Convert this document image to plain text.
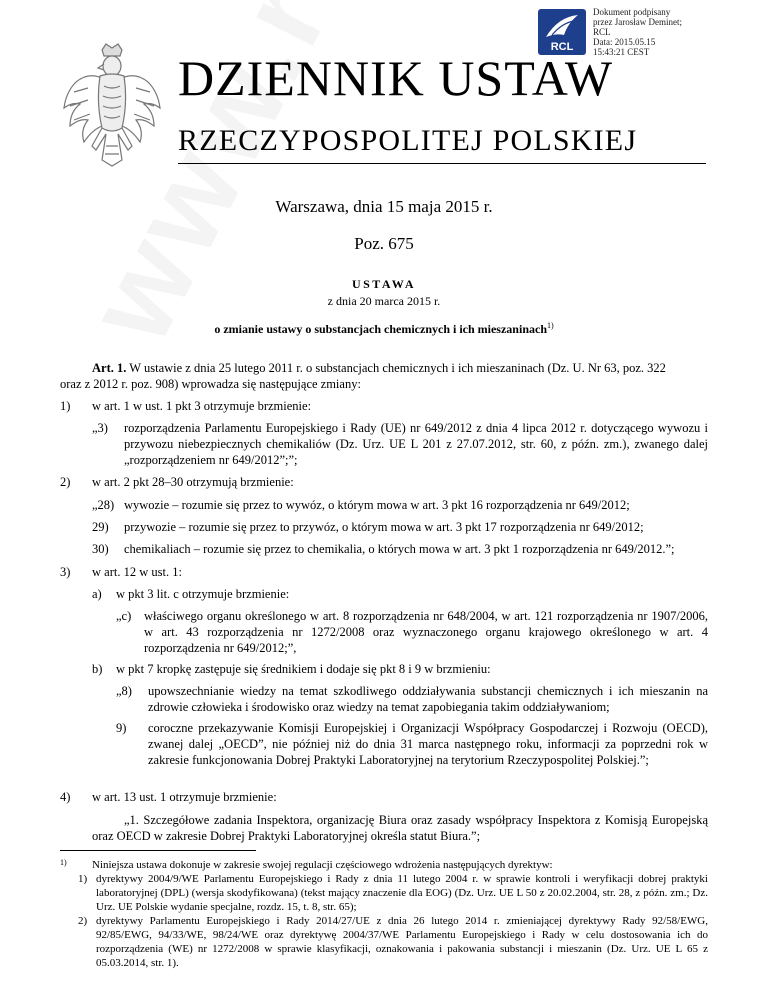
RCL
Dokument podpisany
przez Jarosław Deminet;
RCL
Data: 2015.05.15
15:43:21 CEST
DZIENNIK USTAW
RZECZYPOSPOLITEJ POLSKIEJ
Warszawa, dnia 15 maja 2015 r.
Poz. 675
USTAWA
z dnia 20 marca 2015 r.
o zmianie ustawy o substancjach chemicznych i ich mieszaninach$^{1)}$
Art. 1. W ustawie z dnia 25 lutego 2011 r. o substancjach chemicznych i ich mieszaninach (Dz. U. Nr 63, poz. 322
oraz z 2012 r. poz. 908) wprowadza się następujące zmiany:
1) w art. 1 w ust. 1 pkt 3 otrzymuje brzmienie:
„3) rozporządzenia Parlamentu Europejskiego i Rady (UE) nr 649/2012 z dnia 4 lipca 2012 r. dotyczącego wywozu i przywozu niebezpiecznych chemikaliów (Dz. Urz. UE L 201 z 27.07.2012, str. 60, z późn. zm.), zwanego dalej „rozporządzeniem nr 649/2012”;”;
2) w art. 2 pkt 28–30 otrzymują brzmienie:
„28) wywozie – rozumie się przez to wywóz, o którym mowa w art. 3 pkt 16 rozporządzenia nr 649/2012;
29) przywozie – rozumie się przez to przywóz, o którym mowa w art. 3 pkt 17 rozporządzenia nr 649/2012;
30) chemikaliach – rozumie się przez to chemikalia, o których mowa w art. 3 pkt 1 rozporządzenia nr 649/2012.”;
3) w art. 12 w ust. 1:
a) w pkt 3 lit. c otrzymuje brzmienie:
„c) właściwego organu określonego w art. 8 rozporządzenia nr 648/2004, w art. 121 rozporządzenia nr 1907/2006, w art. 43 rozporządzenia nr 1272/2008 oraz wyznaczonego organu krajowego określonego w art. 4 rozporządzenia nr 649/2012;”,
b) w pkt 7 kropkę zastępuje się średnikiem i dodaje się pkt 8 i 9 w brzmieniu:
„8) upowszechnianie wiedzy na temat szkodliwego oddziaływania substancji chemicznych i ich mieszanin na zdrowie człowieka i środowisko oraz wiedzy na temat zapobiegania takim oddziaływaniom;
9) coroczne przekazywanie Komisji Europejskiej i Organizacji Współpracy Gospodarczej i Rozwoju (OECD), zwanej dalej „OECD”, nie później niż do dnia 31 marca następnego roku, informacji za poprzedni rok w zakresie funkcjonowania Dobrej Praktyki Laboratoryjnej na terytorium Rzeczypospolitej Polskiej.”;
4) w art. 13 ust. 1 otrzymuje brzmienie:
„1. Szczegółowe zadania Inspektora, organizację Biura oraz zasady współpracy Inspektora z Komisją Europejską oraz OECD w zakresie Dobrej Praktyki Laboratoryjnej określa statut Biura.”;
$^{1)}$ Niniejsza ustawa dokonuje w zakresie swojej regulacji częściowego wdrożenia następujących dyrektyw:
1) dyrektywy 2004/9/WE Parlamentu Europejskiego i Rady z dnia 11 lutego 2004 r. w sprawie kontroli i weryfikacji dobrej praktyki laboratoryjnej (DPL) (wersja skodyfikowana) (tekst mający znaczenie dla EOG) (Dz. Urz. UE L 50 z 20.02.2004, str. 28, z późn. zm.; Dz. Urz. UE Polskie wydanie specjalne, rozdz. 15, t. 8, str. 65);
2) dyrektywy Parlamentu Europejskiego i Rady 2014/27/UE z dnia 26 lutego 2014 r. zmieniającej dyrektywy Rady 92/58/EWG, 92/85/EWG, 94/33/WE, 98/24/WE oraz dyrektywę 2004/37/WE Parlamentu Europejskiego i Rady w celu dostosowania ich do rozporządzenia (WE) nr 1272/2008 w sprawie klasyfikacji, oznakowania i pakowania substancji i mieszanin (Dz. Urz. UE L 65 z 05.03.2014, str. 1).
